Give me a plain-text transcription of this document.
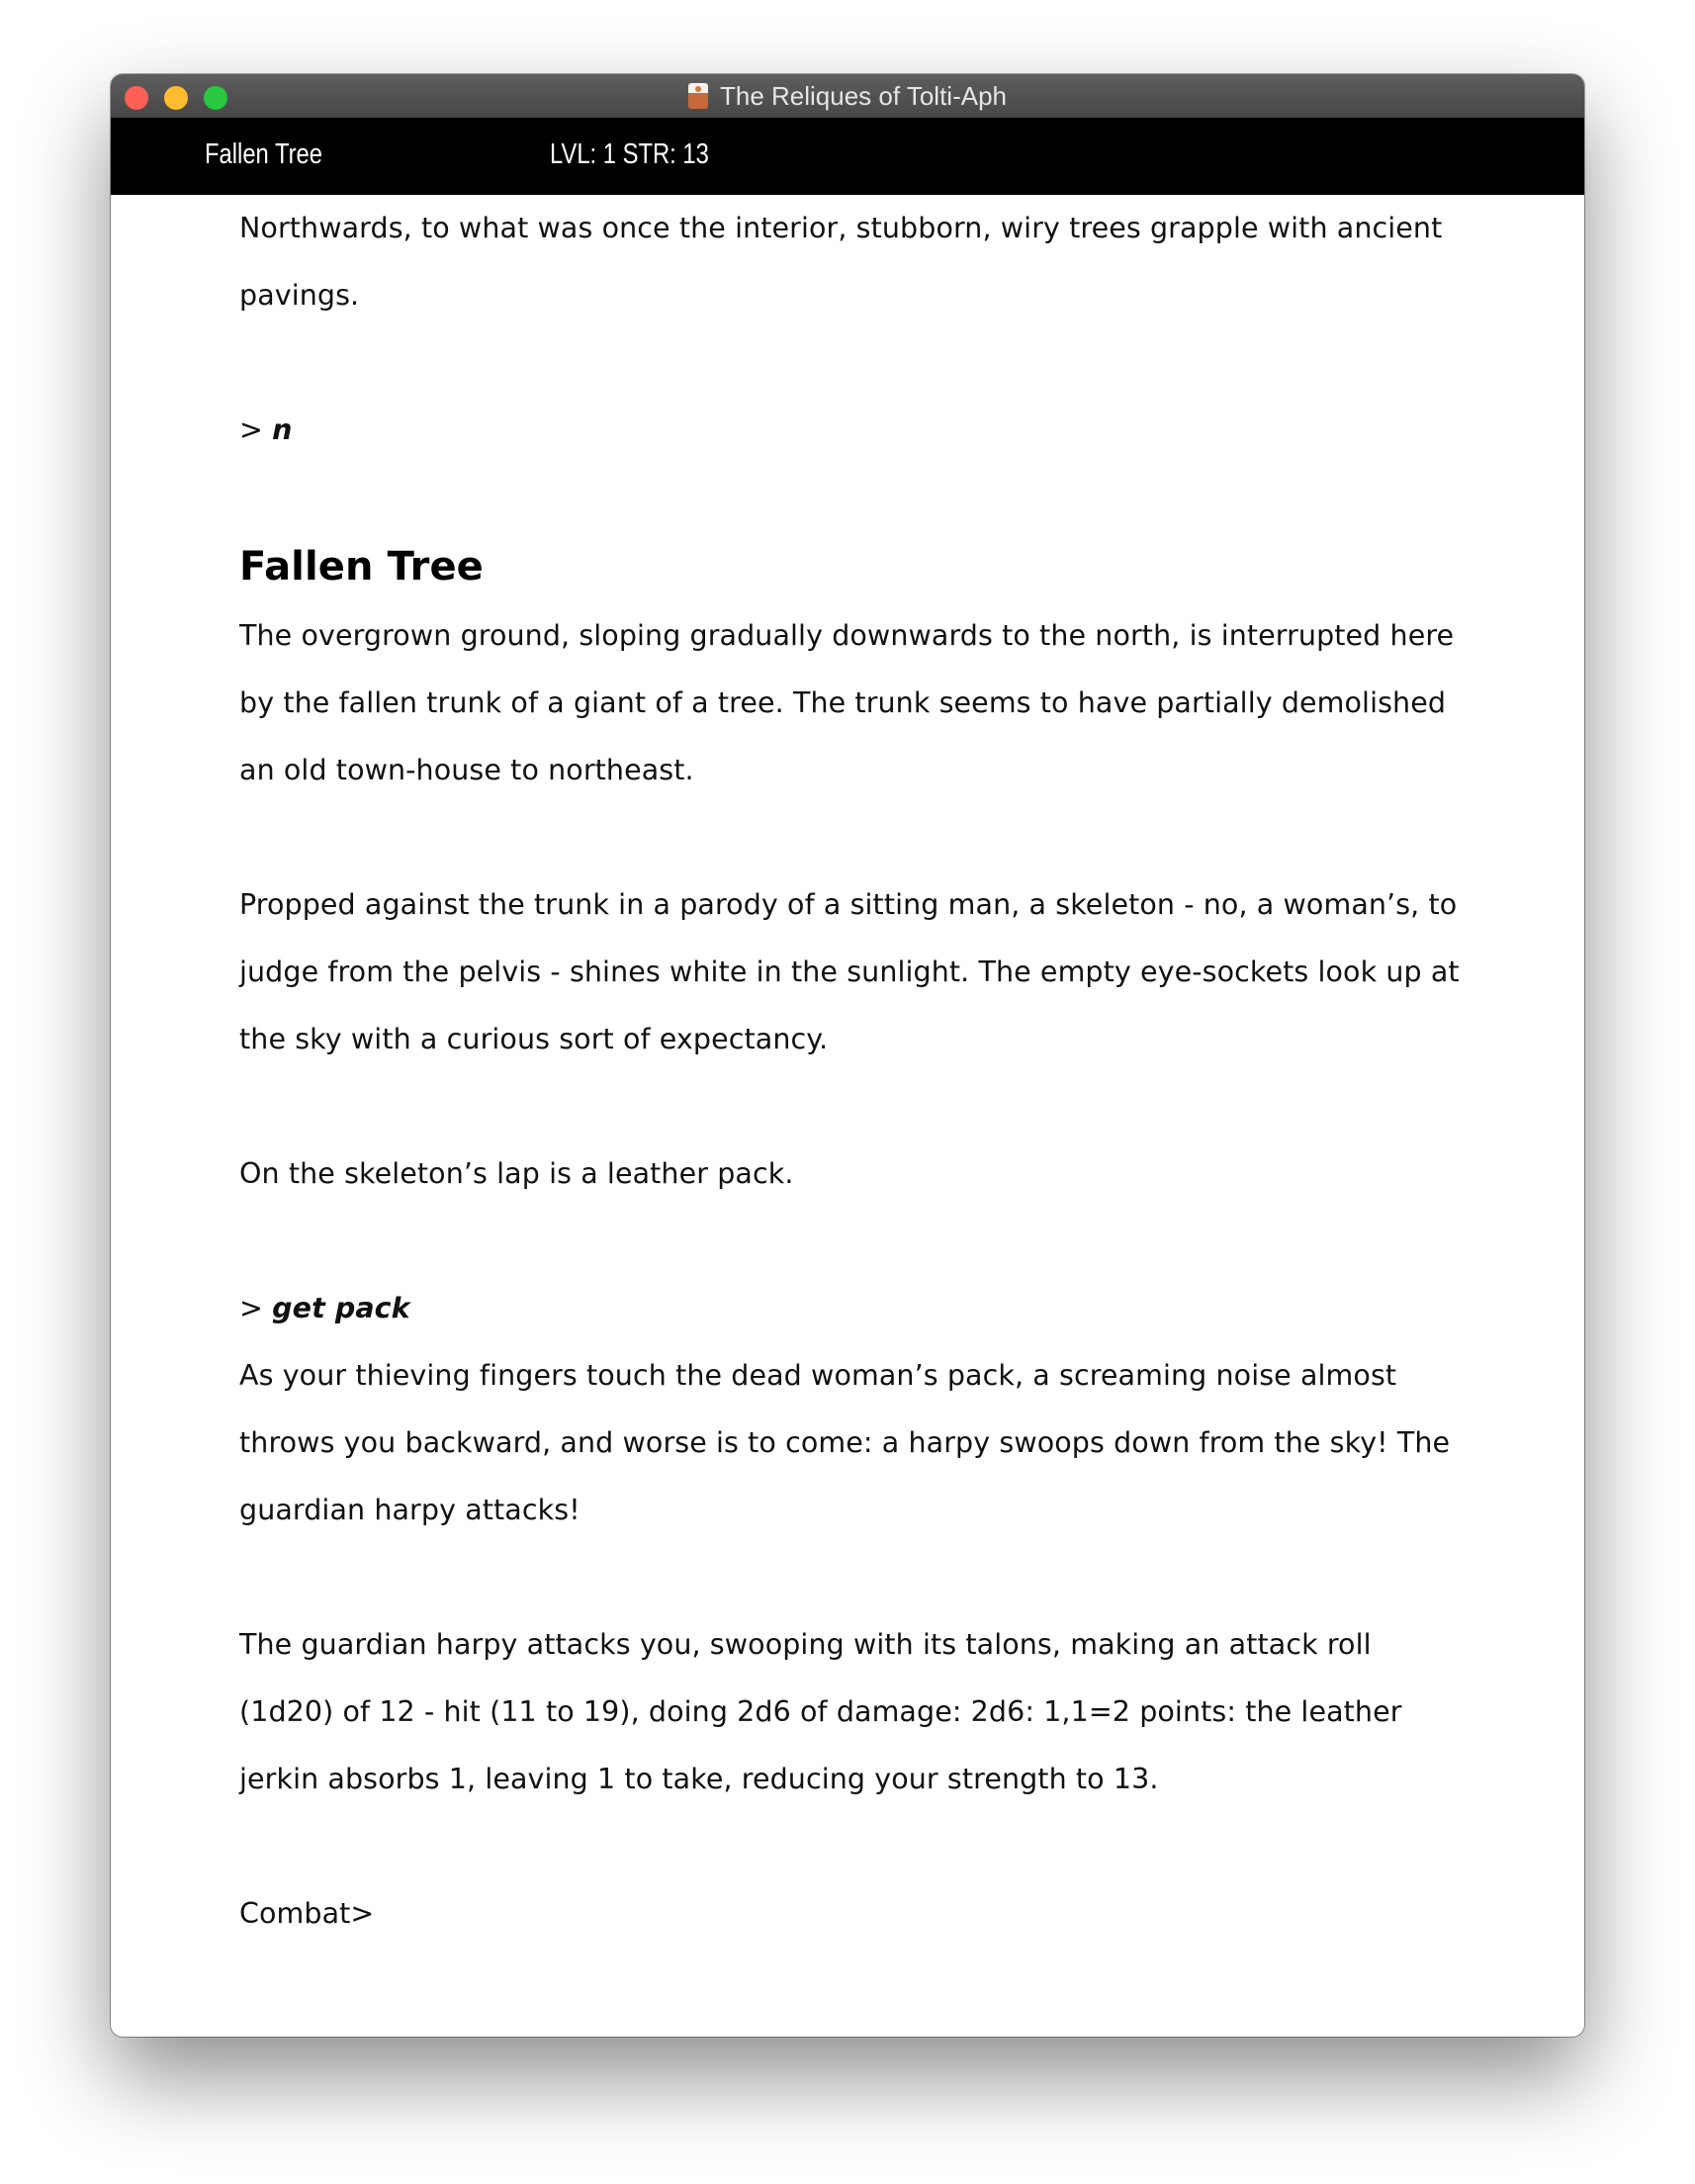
The Reliques of Tolti-Aph
Fallen Tree	LVL: 1 STR: 13

Northwards, to what was once the interior, stubborn, wiry trees grapple with ancient pavings.

> n

Fallen Tree

The overgrown ground, sloping gradually downwards to the north, is interrupted here by the fallen trunk of a giant of a tree. The trunk seems to have partially demolished an old town-house to northeast.

Propped against the trunk in a parody of a sitting man, a skeleton - no, a woman’s, to judge from the pelvis - shines white in the sunlight. The empty eye-sockets look up at the sky with a curious sort of expectancy.

On the skeleton’s lap is a leather pack.

> get pack

As your thieving fingers touch the dead woman’s pack, a screaming noise almost throws you backward, and worse is to come: a harpy swoops down from the sky! The guardian harpy attacks!

The guardian harpy attacks you, swooping with its talons, making an attack roll (1d20) of 12 - hit (11 to 19), doing 2d6 of damage: 2d6: 1,1=2 points: the leather jerkin absorbs 1, leaving 1 to take, reducing your strength to 13.

Combat>
